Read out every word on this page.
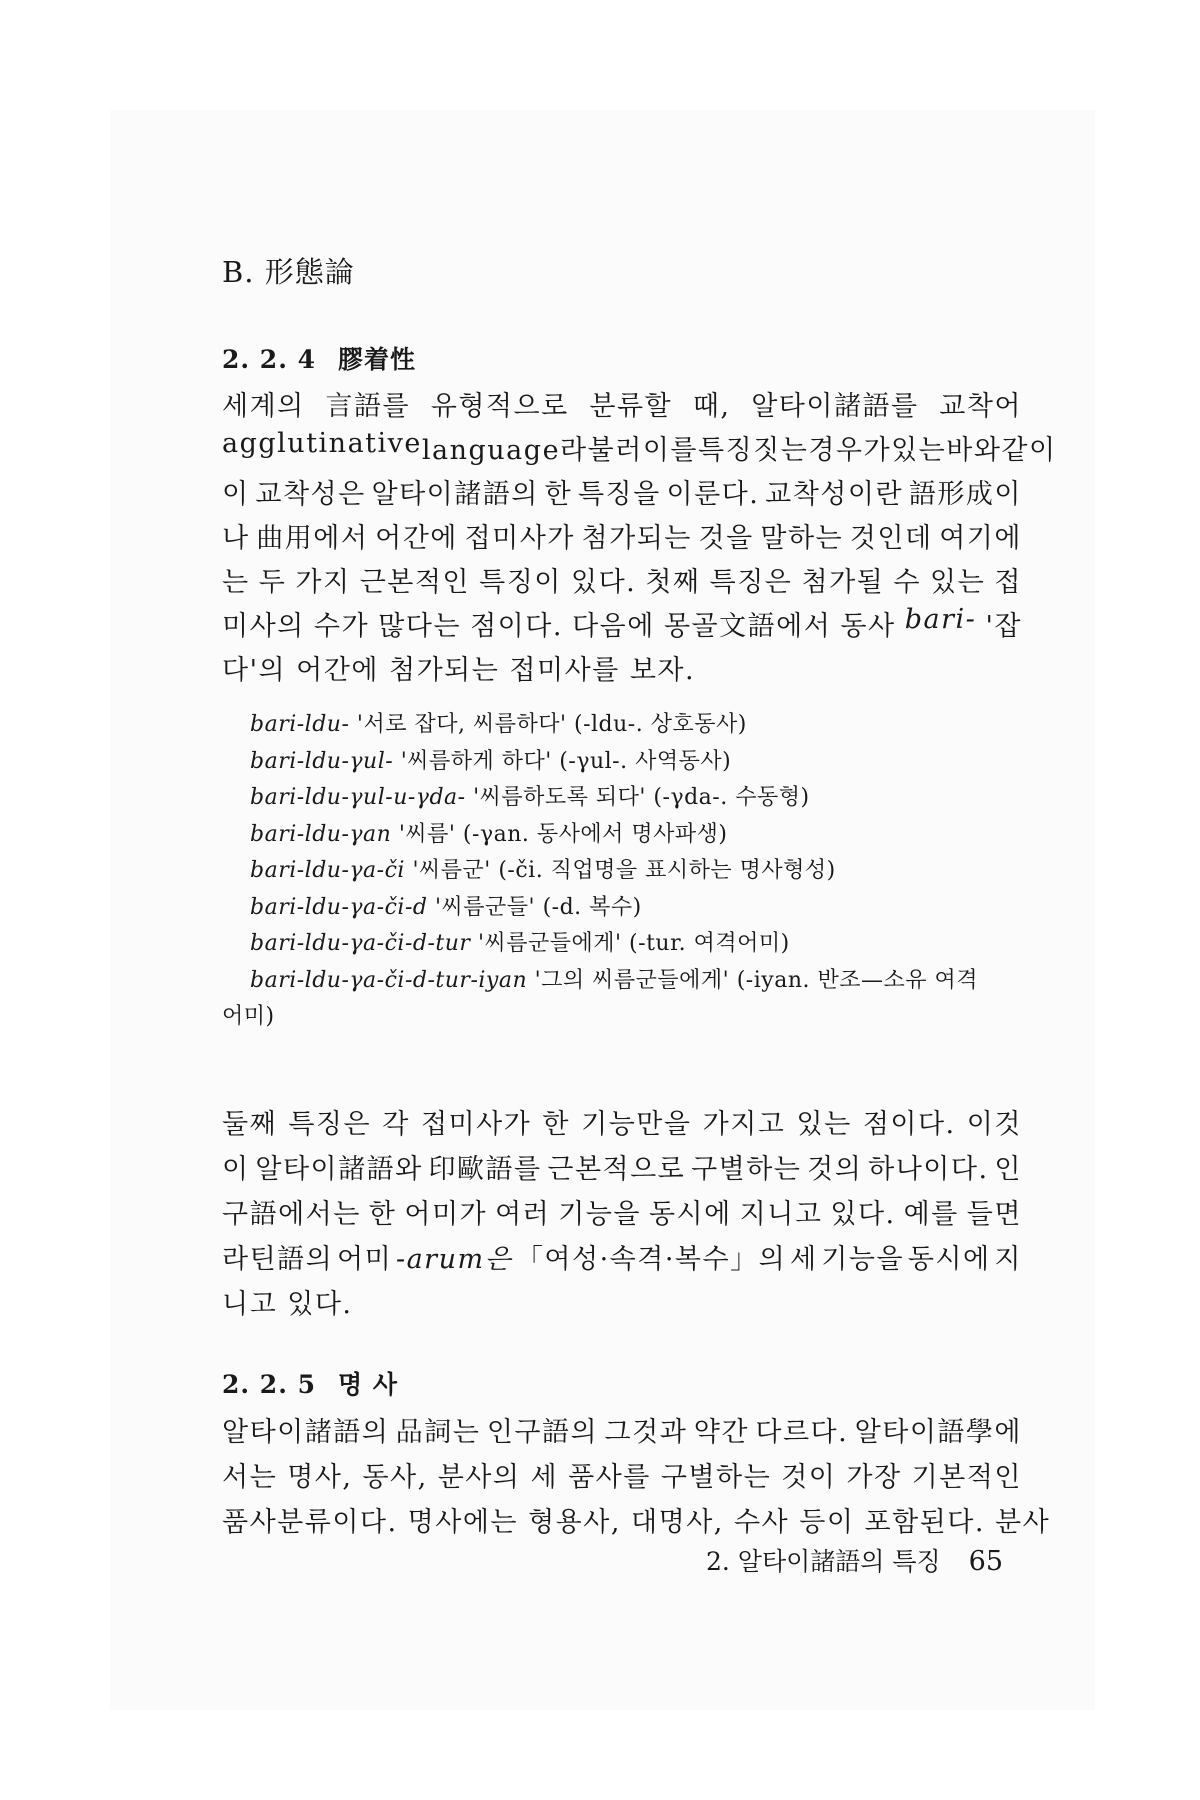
B. 形態論
2. 2. 4 膠着性
세계의 言語를 유형적으로 분류할 때, 알타이諸語를 교착어
agglutinative language라 불러 이를 특징짓는 경우가 있는 바와 같이
이 교착성은 알타이諸語의 한 특징을 이룬다. 교착성이란 語形成이
나 曲用에서 어간에 접미사가 첨가되는 것을 말하는 것인데 여기에
는 두 가지 근본적인 특징이 있다. 첫째 특징은 첨가될 수 있는 접
미사의 수가 많다는 점이다. 다음에 몽골文語에서 동사 bari- '잡
다'의 어간에 첨가되는 접미사를 보자.
bari-ldu- '서로 잡다, 씨름하다' (-ldu-. 상호동사)
bari-ldu-γul- '씨름하게 하다' (-γul-. 사역동사)
bari-ldu-γul-u-γda- '씨름하도록 되다' (-γda-. 수동형)
bari-ldu-γan '씨름' (-γan. 동사에서 명사파생)
bari-ldu-γa-či '씨름군' (-či. 직업명을 표시하는 명사형성)
bari-ldu-γa-či-d '씨름군들' (-d. 복수)
bari-ldu-γa-či-d-tur '씨름군들에게' (-tur. 여격어미)
bari-ldu-γa-či-d-tur-iyan '그의 씨름군들에게' (-iyan. 반조—소유 여격
어미)
둘째 특징은 각 접미사가 한 기능만을 가지고 있는 점이다. 이것
이 알타이諸語와 印歐語를 근본적으로 구별하는 것의 하나이다. 인
구語에서는 한 어미가 여러 기능을 동시에 지니고 있다. 예를 들면
라틴語의 어미 -arum은 「여성·속격·복수」의 세 기능을 동시에 지
니고 있다.
2. 2. 5 명 사
알타이諸語의 品詞는 인구語의 그것과 약간 다르다. 알타이語學에
서는 명사, 동사, 분사의 세 품사를 구별하는 것이 가장 기본적인
품사분류이다. 명사에는 형용사, 대명사, 수사 등이 포함된다. 분사
2. 알타이諸語의 특징 65
